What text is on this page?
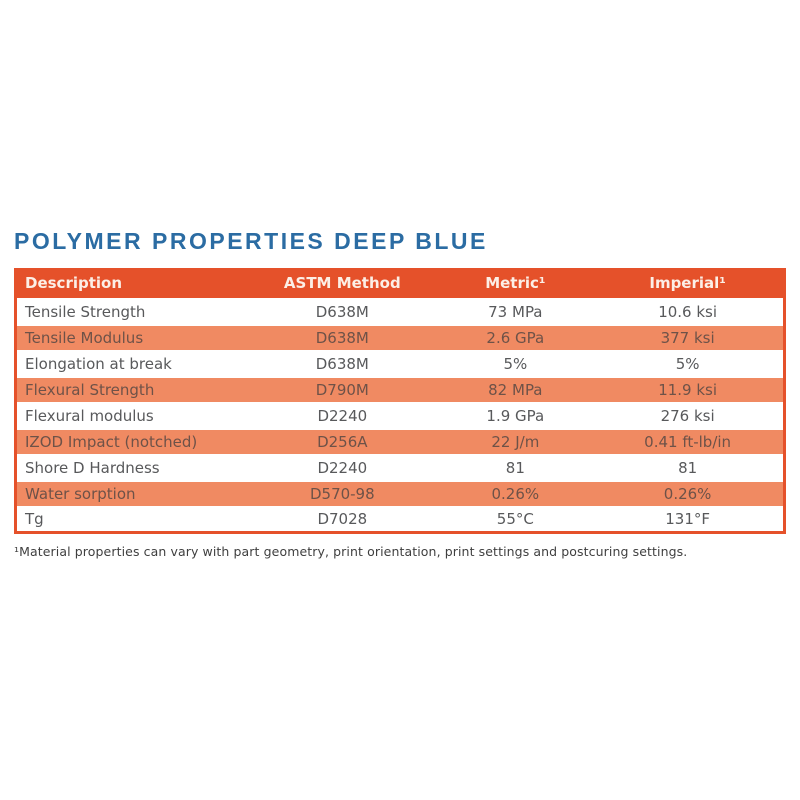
POLYMER PROPERTIES DEEP BLUE
Description	ASTM Method	Metric¹	Imperial¹
Tensile Strength	D638M	73 MPa	10.6 ksi
Tensile Modulus	D638M	2.6 GPa	377 ksi
Elongation at break	D638M	5%	5%
Flexural Strength	D790M	82 MPa	11.9 ksi
Flexural modulus	D2240	1.9 GPa	276 ksi
IZOD Impact (notched)	D256A	22 J/m	0.41 ft-lb/in
Shore D Hardness	D2240	81	81
Water sorption	D570-98	0.26%	0.26%
Tg	D7028	55°C	131°F
¹Material properties can vary with part geometry, print orientation, print settings and postcuring settings.
